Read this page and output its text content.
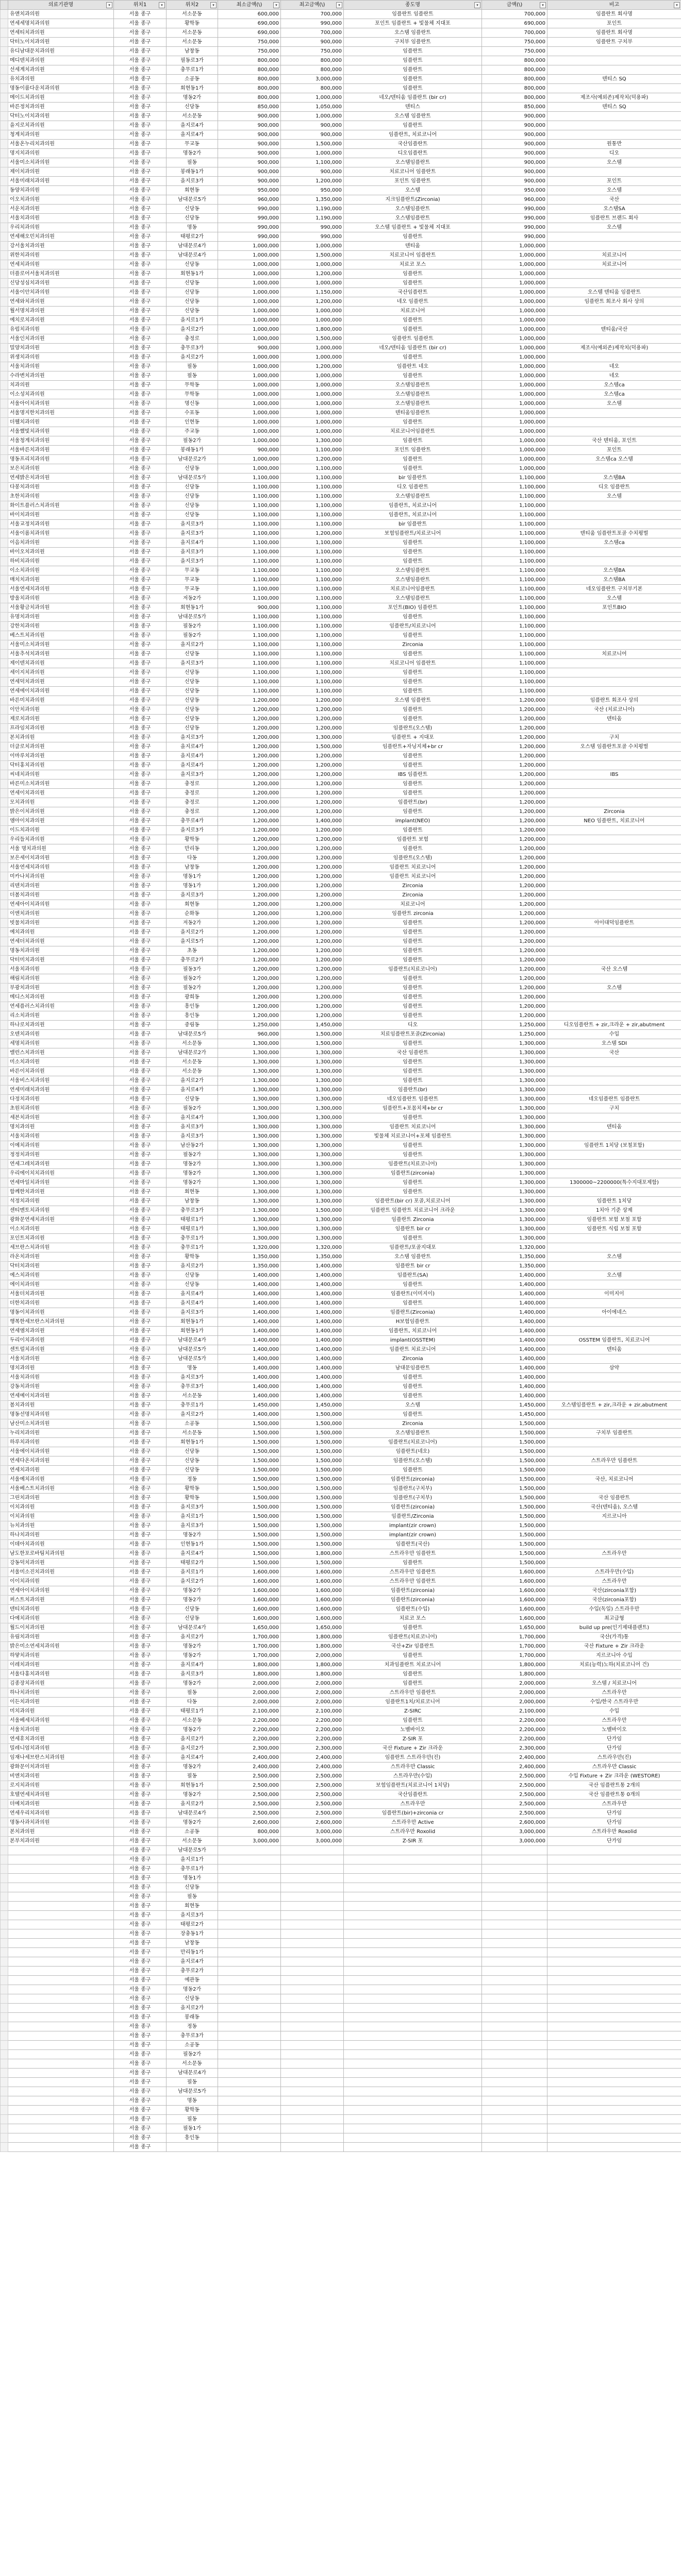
	의료기관명 ▾	위치1 ▾	위치2 ▾	최소금액(\) ▾	최고금액(\) ▾	종도명 ▾	금액(\) ▾	비고 ▾

	유앤치과의원	서울 종구	서소문동	600,000	700,000	임플란트 임플란트	700,000	임플란트 회사명
	연세세명치과의원	서울 종구	황학동	690,000	990,000	포인트 임플란트 + 빛물체 지대포	690,000	포인트
	연세티치과의원	서울 종구	서소문동	690,000	700,000	오스템 임플란트	700,000	임플란트 회사명
	닥터노이치과의원	서울 종구	서소문동	750,000	900,000	구치부 임플란트	750,000	임플란트 구치부
	유디남대문치과의원	서울 종구	남창동	750,000	750,000	임플란트	750,000	
	메디덴치과의원	서울 종구	필동로3가	800,000	800,000	임플란트	800,000	
	선세계치과의원	서울 종구	충무로1가	800,000	800,000	임플란트	800,000	
	유치과의원	서울 종구	소공동	800,000	3,000,000	임플란트	800,000	덴티스 SQ
	명동이룸다운치과의원	서울 종구	회현동1가	800,000	800,000	임플란트	800,000	
	메이드치과의원	서울 종구	명동2가	800,000	1,000,000	네오/덴티움 임플란트 (bir cr)	800,000	제조사(예외존)제작치(덕용파)
	바른정치과의원	서울 종구	신당동	850,000	1,050,000	덴티스	850,000	덴티스 SQ
	닥터노이치과의원	서울 종구	서소문동	900,000	1,000,000	오스템 임플란트	900,000	
	을지로치과의원	서울 종구	을지로4가	900,000	900,000	임플란트	900,000	
	청계치과의원	서울 종구	을지로4가	900,000	900,000	임플란트, 치료코니어	900,000	
	서울온누리치과의원	서울 종구	무교동	900,000	1,500,000	국산임플란트	900,000	원통반
	명지치과의원	서울 종구	명동2가	900,000	1,000,000	디오임플란트	900,000	디오
	서울미소치과의원	서울 종구	필동	900,000	1,100,000	오스템임플란트	900,000	오스템
	제이치과의원	서울 종구	봉래동1가	900,000	900,000	치료코니어 임플란트	900,000	
	서울미래치과의원	서울 종구	을지로3가	900,000	1,200,000	포인트 임플란트	900,000	포인트
	동양치과의원	서울 종구	회현동	950,000	950,000	오스템	950,000	오스템
	이오치과의원	서울 종구	남대문로5가	960,000	1,350,000	지크임플란트(Zirconia)	960,000	국산
	서운치과의원	서울 종구	신당동	990,000	1,190,000	오스템임플란트	990,000	오스템SA
	서울치과의원	서울 종구	신당동	990,000	1,190,000	오스템임플란트	990,000	임플란트 브랜드 회사
	우리치과의원	서울 종구	명동	990,000	990,000	오스템 임플란트 + 빛물체 지대포	990,000	오스템
	연세해오민치과의원	서울 종구	태평로2가	990,000	990,000	임플란트	990,000	
	강서울치과의원	서울 종구	남대문로4가	1,000,000	1,000,000	덴티움	1,000,000	
	위한치과의원	서울 종구	남대문로4가	1,000,000	1,500,000	치료코니어 임플란트	1,000,000	치료코니어
	연세치과의원	서울 종구	신당동	1,000,000	1,000,000	치료코 포스	1,000,000	치료코니어
	더플로어서울치과의원	서울 종구	회현동1가	1,000,000	1,200,000	임플란트	1,000,000	
	신당성심치과의원	서울 종구	신당동	1,000,000	1,000,000	임플란트	1,000,000	
	서울이안치과의원	서울 종구	신당동	1,000,000	1,150,000	국산임플란트	1,000,000	오스템 덴티움 임플란트
	연세와치과의원	서울 종구	신당동	1,000,000	1,200,000	네오 임플란트	1,000,000	임플란트 회조사 회사 상의
	월서명치과의원	서울 종구	신당동	1,000,000	1,000,000	치료코니어	1,000,000	
	예치로치과의원	서울 종구	을지로1가	1,000,000	1,000,000	임플란트	1,000,000	
	유럽치과의원	서울 종구	을지로2가	1,000,000	1,800,000	임플란트	1,000,000	덴티움/국산
	서울인치과의원	서울 종구	충정로	1,000,000	1,500,000	임플란트 임플란트	1,000,000	
	밀양치과의원	서울 종구	충무로3가	900,000	1,000,000	네오/덴티움 임플란트 (bir cr)	1,000,000	제조사(예외존)제작치(덕용파)
	위생치과의원	서울 종구	을지로2가	1,000,000	1,000,000	임플란트	1,000,000	
	서울치과의원	서울 종구	필동	1,000,000	1,200,000	임플란트 네오	1,000,000	네오
	수라변치과의원	서울 종구	필동	1,000,000	1,000,000	임플란트	1,000,000	네오
	치과의원	서울 종구	무학동	1,000,000	1,000,000	오스템임플란트	1,000,000	오스템ca
	이소성치과의원	서울 종구	무학동	1,000,000	1,000,000	오스템임플란트	1,000,000	오스템ca
	서울아이치과의원	서울 종구	명신동	1,000,000	1,000,000	오스템임플란트	1,000,000	오스템
	서울명지한치과의원	서울 종구	수표동	1,000,000	1,000,000	덴티움임플란트	1,000,000	
	더웰치과의원	서울 종구	인현동	1,000,000	1,000,000	임플란트	1,000,000	
	서울했빛치과의원	서울 종구	주교동	1,000,000	1,000,000	치료코니어임플란트	1,000,000	
	서울청계치과의원	서울 종구	필동2가	1,000,000	1,300,000	임플란트	1,000,000	국산 덴티움, 포인트
	서울바른치과의원	서울 종구	봉래동1가	900,000	1,100,000	포인트 임플란트	1,000,000	포인트
	명동프리치과의원	서울 종구	남대문로2가	1,000,000	1,200,000	임플란트	1,000,000	오스템ca 오스템
	보은치과의원	서울 종구	신당동	1,000,000	1,100,000	임플란트	1,000,000	
	연세밝은치과의원	서울 종구	남대문로5가	1,100,000	1,100,000	bir 임플란트	1,100,000	오스템BA
	다봉치과의원	서울 종구	신당동	1,100,000	1,100,000	디오 임플란트	1,100,000	디오 임플란트
	초한치과의원	서울 종구	신당동	1,100,000	1,100,000	오스템임플란트	1,100,000	오스템
	화이트플러스치과의원	서울 종구	신당동	1,100,000	1,100,000	임플란트, 치료코니어	1,100,000	
	바이치과의원	서울 종구	신당동	1,100,000	1,100,000	임플란트, 치료코니어	1,100,000	
	서울교정치과의원	서울 종구	을지로3가	1,100,000	1,100,000	bir 임플란트	1,100,000	
	서울이롬치과의원	서울 종구	을지로3가	1,100,000	1,200,000	보험임플란트/치료코니어	1,100,000	덴티움 임플란트포골 수치평벌
	이음치과의원	서울 종구	을지로4가	1,100,000	1,100,000	임플란트	1,100,000	오스템ca
	바이오치과의원	서울 종구	을지로3가	1,100,000	1,100,000	임플란트	1,100,000	
	하비치과의원	서울 종구	을지로3가	1,100,000	1,100,000	임플란트	1,100,000	
	이소치과의원	서울 종구	무교동	1,100,000	1,100,000	오스템임플란트	1,100,000	오스템BA
	매치치과의원	서울 종구	무교동	1,100,000	1,100,000	오스템임플란트	1,100,000	오스템BA
	서울연세치과의원	서울 종구	무교동	1,100,000	1,100,000	치료코니어임플란트	1,100,000	네오임플란트 구치부기본
	방울치과의원	서울 종구	저동2가	1,100,000	1,100,000	오스템임플란트	1,100,000	오스템
	서울황금치과의원	서울 종구	회현동1가	900,000	1,100,000	포인트(BIO) 임플란트	1,100,000	포인트BIO
	유명치과의원	서울 종구	남대문로5가	1,100,000	1,100,000	임플란트	1,100,000	
	강한치과의원	서울 종구	필동2가	1,100,000	1,100,000	임플란트/치료코니어	1,100,000	
	베스트치과의원	서울 종구	필동2가	1,100,000	1,100,000	임플란트	1,100,000	
	서울미소치과의원	서울 종구	을지로2가	1,100,000	1,100,000	Zirconia	1,100,000	
	서울추석치과의원	서울 종구	신당동	1,100,000	1,100,000	임플란트	1,100,000	치료코니어
	제이덴치과의원	서울 종구	을지로3가	1,100,000	1,100,000	치료코니어 임플란트	1,100,000	
	세이지치과의원	서울 종구	신당동	1,100,000	1,100,000	임플란트	1,100,000	
	연세덕치과의원	서울 종구	신당동	1,100,000	1,100,000	임플란트	1,100,000	
	연세에이치과의원	서울 종구	신당동	1,100,000	1,100,000	임플란트	1,100,000	
	바른미치과의원	서울 종구	신당동	1,200,000	1,200,000	오스템 임플란트	1,200,000	임플란트 회조사 상의
	이안치과의원	서울 종구	신당동	1,200,000	1,200,000	임플란트	1,200,000	국산 (치료코니어)
	제로치과의원	서울 종구	신당동	1,200,000	1,200,000	임플란트	1,200,000	덴티움
	프라임치과의원	서울 종구	신당동	1,200,000	1,200,000	임플란트(오스템)	1,200,000	
	본치과의원	서울 종구	을지로3가	1,200,000	1,300,000	임플란트 + 지대포	1,200,000	구치
	더클로치과의원	서울 종구	을지로4가	1,200,000	1,500,000	임플란트+자닝지체+br cr	1,200,000	오스템 임플란트포골 수치평벌
	이마루치과의원	서울 종구	을지로4가	1,200,000	1,200,000	임플란트	1,200,000	
	닥터홍치과의원	서울 종구	을지로4가	1,200,000	1,200,000	임플란트	1,200,000	
	씨네치과의원	서울 종구	을지로3가	1,200,000	1,200,000	IBS 임플란트	1,200,000	IBS
	바른미소치과의원	서울 종구	충정로	1,200,000	1,200,000	임플란트	1,200,000	
	연세이치과의원	서울 종구	충정로	1,200,000	1,200,000	임플란트	1,200,000	
	모치과의원	서울 종구	충정로	1,200,000	1,200,000	임플란트(br)	1,200,000	
	밝은이치과의원	서울 종구	충정로	1,200,000	1,200,000	임플란트	1,200,000	Zirconia
	엠아이치과의원	서울 종구	충무로4가	1,200,000	1,400,000	implant(NEO)	1,200,000	NEO 임플란트, 치료코니어
	이드치과의원	서울 종구	을지로3가	1,200,000	1,200,000	임플란트	1,200,000	
	우리들치과의원	서울 종구	황학동	1,200,000	1,200,000	임플란트 보험	1,200,000	
	서울 명치과의원	서울 종구	만리동	1,200,000	1,200,000	임플란트	1,200,000	
	보은세이치과의원	서울 종구	다동	1,200,000	1,200,000	임플란트(오스템)	1,200,000	
	서울연세치과의원	서울 종구	남창동	1,200,000	1,200,000	임플란트 치료코니어	1,200,000	
	미카나치과의원	서울 종구	명동1가	1,200,000	1,200,000	임플란트 치료코니어	1,200,000	
	리덴치과의원	서울 종구	명동1가	1,200,000	1,200,000	Zirconia	1,200,000	
	더봄치과의원	서울 종구	을지로3가	1,200,000	1,200,000	Zirconia	1,200,000	
	연세아이치과의원	서울 종구	회현동	1,200,000	1,200,000	치료코니어	1,200,000	
	이엔치과의원	서울 종구	순화동	1,200,000	1,200,000	임플란트 zirconia	1,200,000	
	빗물치과의원	서울 종구	저동2가	1,200,000	1,200,000	임플란트	1,200,000	아이대덕임플란트
	예치과의원	서울 종구	을지로2가	1,200,000	1,200,000	임플란트	1,200,000	
	연세더치과의원	서울 종구	을지로5가	1,200,000	1,200,000	임플란트	1,200,000	
	명동치과의원	서울 종구	초동	1,200,000	1,200,000	임플란트	1,200,000	
	닥터미치과의원	서울 종구	충무로2가	1,200,000	1,200,000	임플란트	1,200,000	
	서울치과의원	서울 종구	필동3가	1,200,000	1,200,000	임플란트(치료코니어)	1,200,000	국산 오스템
	해림치과의원	서울 종구	필동2가	1,200,000	1,200,000	임플란트	1,200,000	
	부광치과의원	서울 종구	필동2가	1,200,000	1,200,000	임플란트	1,200,000	오스템
	메디스치과의원	서울 종구	광희동	1,200,000	1,200,000	임플란트	1,200,000	
	연세플러스치과의원	서울 종구	흥인동	1,200,000	1,200,000	임플란트	1,200,000	
	리소치과의원	서울 종구	흥인동	1,200,000	1,200,000	임플란트	1,200,000	
	하나로치과의원	서울 종구	중림동	1,250,000	1,450,000	디오	1,250,000	디오임플란트 + zir,크라운 + zir,abutment
	오덴치과의원	서울 종구	남대문로5가	960,000	1,500,000	치료임플란트포골(Zirconia)	1,250,000	수입
	세명치과의원	서울 종구	서소문동	1,300,000	1,500,000	임플란트	1,300,000	오스템 SDI
	밸런스치과의원	서울 종구	남대문로2가	1,300,000	1,300,000	국산 임플란트	1,300,000	국산
	미소치과의원	서울 종구	서소문동	1,300,000	1,300,000	임플란트	1,300,000	
	바른이치과의원	서울 종구	서소문동	1,300,000	1,300,000	임플란트	1,300,000	
	서울비스치과의원	서울 종구	을지로2가	1,300,000	1,300,000	임플란트	1,300,000	
	연세미래치과의원	서울 종구	을지로4가	1,300,000	1,300,000	임플란트(br)	1,300,000	
	다정치과의원	서울 종구	신당동	1,300,000	1,300,000	네오임플란트 임플란트	1,300,000	네오임플란트 임플란트
	초원치과의원	서울 종구	필동2가	1,300,000	1,300,000	임플란트+포몸치체+br cr	1,300,000	구치
	세븐치과의원	서울 종구	을지로4가	1,300,000	1,300,000	임플란트	1,300,000	
	명치과의원	서울 종구	을지로3가	1,300,000	1,300,000	임플란트 치료코니어	1,300,000	덴티움
	서울치과의원	서울 종구	을지로3가	1,300,000	1,300,000	빛물체 치료코니어+포체 임플란트	1,300,000	
	이예치과의원	서울 종구	남산동2가	1,300,000	1,300,000	임플란트	1,300,000	임플란트 1치당 (보철포함)
	정정치과의원	서울 종구	필동2가	1,300,000	1,300,000	임플란트	1,300,000	
	연세그레치과의원	서울 종구	명동2가	1,300,000	1,300,000	임플란트(치료코니어)	1,300,000	
	우리에이치치과의원	서울 종구	명동2가	1,300,000	1,300,000	임플란트(zirconia)	1,300,000	
	연세마일치과의원	서울 종구	명동2가	1,300,000	1,300,000	임플란트	1,300,000	1300000~2200000(특수지대포제함)
	함께한치과의원	서울 종구	회현동	1,300,000	1,300,000	임플란트	1,300,000	
	석정치과의원	서울 종구	남창동	1,300,000	1,300,000	임플란트(bir cr) 포골,치료코니어	1,300,000	임플란트 1치당
	센티멘토치과의원	서울 종구	충무로3가	1,300,000	1,500,000	임플란트 임플란트 치료코니어 크라운	1,300,000	1치아 기준 상제
	광화문연세치과의원	서울 종구	태평로1가	1,300,000	1,300,000	임플란트 Zirconia	1,300,000	임플란트 보험 보철 포함
	이소치과의원	서울 종구	태평로1가	1,300,000	1,300,000	임플란트 bir cr	1,300,000	임플란트 식립 보철 포함
	포인트치과의원	서울 종구	충무로1가	1,300,000	1,300,000	임플란트	1,300,000	
	세브란스치과의원	서울 종구	충무로1가	1,320,000	1,320,000	임플란트/포골지대포	1,320,000	
	라온치과의원	서울 종구	황학동	1,350,000	1,350,000	오스템 임플란트	1,350,000	오스템
	닥터치과의원	서울 종구	을지로2가	1,350,000	1,400,000	임플란트 bir cr	1,350,000	
	예스치과의원	서울 종구	신당동	1,400,000	1,400,000	임플란트(SA)	1,400,000	오스템
	에이치과의원	서울 종구	신당동	1,400,000	1,400,000	임플란트	1,400,000	
	서울더치과의원	서울 종구	을지로4가	1,400,000	1,400,000	임플란트(이미지이)	1,400,000	이미지이
	더한치과의원	서울 종구	을지로4가	1,400,000	1,400,000	임플란트	1,400,000	
	명동이치과의원	서울 종구	을지로3가	1,400,000	1,400,000	임플란트(Zirconia)	1,400,000	아이에네스
	행복한세브란스치과의원	서울 종구	회현동1가	1,400,000	1,400,000	H보험임플란트	1,400,000	
	연세엠치과의원	서울 종구	회현동1가	1,400,000	1,400,000	임플란트, 치료코니어	1,400,000	
	두리이치과의원	서울 종구	남대문로4가	1,400,000	1,400,000	implant(OSSTEM)	1,400,000	OSSTEM 임플란트, 치료코니어
	센트럴치과의원	서울 종구	남대문로5가	1,400,000	1,400,000	임플란트 치료코니어	1,400,000	덴티움
	서울치과의원	서울 종구	남대문로5가	1,400,000	1,400,000	Zirconia	1,400,000	
	명치과의원	서울 종구	명동	1,400,000	1,400,000	남대문임플란트	1,400,000	삼약
	서울치과의원	서울 종구	을지로3가	1,400,000	1,400,000	임플란트	1,400,000	
	강동치과의원	서울 종구	충무로3가	1,400,000	1,400,000	임플란트	1,400,000	
	연세예이치과의원	서울 종구	서소문동	1,400,000	1,400,000	임플란트	1,400,000	
	봄치과의원	서울 종구	충무로1가	1,450,000	1,450,000	오스템	1,450,000	오스템임플란트 + zir,크라운 + zir,abutment
	명동선명치과의원	서울 종구	을지로2가	1,400,000	1,500,000	임플란트	1,450,000	
	남산미소치과의원	서울 종구	소공동	1,500,000	1,500,000	Zirconia	1,500,000	
	누리치과의원	서울 종구	서소문동	1,500,000	1,500,000	오스템임플란트	1,500,000	구치부 임플란트
	하루치과의원	서울 종구	회현동1가	1,500,000	1,500,000	임플란트(치료코니어)	1,500,000	
	서울에이치과의원	서울 종구	신당동	1,500,000	1,500,000	임플란트(네오)	1,500,000	
	연세다온치과의원	서울 종구	신당동	1,500,000	1,500,000	임플란트(오스템)	1,500,000	스트라우만 임플란트
	연세치과의원	서울 종구	신당동	1,500,000	1,500,000	임플란트	1,500,000	
	서울예치과의원	서울 종구	정동	1,500,000	1,500,000	임플란트(zirconia)	1,500,000	국산, 치료코니어
	서울베스트치과의원	서울 종구	황학동	1,500,000	1,500,000	임플란트(구치부)	1,500,000	
	그린치과의원	서울 종구	황학동	1,500,000	1,500,000	임플란트(구치부)	1,500,000	국산 임플란트
	이치과의원	서울 종구	을지로3가	1,500,000	1,500,000	임플란트(zirconia)	1,500,000	국산(덴티움), 오스템
	이치과의원	서울 종구	을지로1가	1,500,000	1,500,000	임플란트/Zirconia	1,500,000	지르코니아
	뉴치과의원	서울 종구	을지로3가	1,500,000	1,500,000	implant(zir crown)	1,500,000	
	하나치과의원	서울 종구	명동2가	1,500,000	1,500,000	implant(zir crown)	1,500,000	
	이데아치과의원	서울 종구	인현동1가	1,500,000	1,500,000	임플란트(국산)	1,500,000	
	남도한포로바팀치과의원	서울 종구	을지로4가	1,500,000	1,800,000	스트라우만 임플란트	1,500,000	스트라우만
	강동덕치과의원	서울 종구	태평로2가	1,500,000	1,500,000	임플란트	1,500,000	
	서울미소진치과의원	서울 종구	을지로1가	1,600,000	1,600,000	스트라우만 임플란트	1,600,000	스트라우만(수입)
	이이치과의원	서울 종구	을지로2가	1,600,000	1,600,000	스트라우만 임플란트	1,600,000	스트라우만
	연세아이치과의원	서울 종구	명동2가	1,600,000	1,600,000	임플란트(zirconia)	1,600,000	국산(zirconia포함)
	퍼스트치과의원	서울 종구	명동2가	1,600,000	1,600,000	임플란트(zirconia)	1,600,000	국산(zirconia포함)
	덴티치과의원	서울 종구	신당동	1,600,000	1,600,000	임플란트(수입)	1,600,000	수입(독일) 스트라우만
	다예치과의원	서울 종구	신당동	1,600,000	1,600,000	치료코 포스	1,600,000	최고급형
	월드이치과의원	서울 종구	남대문로4가	1,650,000	1,650,000	임플란트	1,650,000	build up pre(인기제대플랜트)
	유림치과의원	서울 종구	을지로2가	1,700,000	1,800,000	임플란트(치료코니어)	1,700,000	국산(가격)통
	밝은미소연세치과의원	서울 종구	명동2가	1,700,000	1,800,000	국산+Zir 임플란트	1,700,000	국산 Fixture + Zir 크라운
	하얗치과의원	서울 종구	명동2가	1,700,000	2,000,000	임플란트	1,700,000	지르코니아 수입
	이레치과의원	서울 종구	을지로4가	1,800,000	1,800,000	치과임플란트 치료코니어	1,800,000	치료(능력)노하(치료코니어 건)
	서울다홍치과의원	서울 종구	을지로3가	1,800,000	1,800,000	임플란트	1,800,000	
	김종장치과의원	서울 종구	명동2가	2,000,000	2,000,000	임플란트	2,000,000	오스템 / 치료코니어
	하나치과의원	서울 종구	필동	2,000,000	2,000,000	스트라우만 임플란트	2,000,000	스트라우만
	이든치과의원	서울 종구	다동	2,000,000	2,000,000	임플란트1치/치료코니어	2,000,000	수입/한국 스트라우만
	미치과의원	서울 종구	태평로1가	2,100,000	2,100,000	Z-SIRC	2,100,000	수입
	서울베세치과의원	서울 종구	서소문동	2,200,000	2,200,000	임플란트	2,200,000	스트라우만
	서울치과의원	서울 종구	명동2가	2,200,000	2,200,000	노벨바이오	2,200,000	노벨바이오
	연세휴치과의원	서울 종구	을지로2가	2,200,000	2,200,000	Z-SIR 포	2,200,000	단가임
	밀레니엄치과의원	서울 종구	을지로2가	2,300,000	2,300,000	국산 Fixture + Zir 크라운	2,300,000	단가임
	임재나세브란스치과의원	서울 종구	을지로4가	2,400,000	2,400,000	임플란트 스트라우만(진)	2,400,000	스트라우만(진)
	광화문이치과의원	서울 종구	명동2가	2,400,000	2,400,000	스트라우만 Classic	2,400,000	스트라우만 Classic
	비엔치과의원	서울 종구	필동	2,500,000	2,500,000	스트라우만(수입)	2,500,000	수입 Fixture + Zir 크라운 (WESTORE)
	로지치과의원	서울 종구	회현동1가	2,500,000	2,500,000	보험임플란트(치료코니어 1치당)	2,500,000	국산 임플란트통 2개의
	호텔연세치과의원	서울 종구	명동2가	2,500,000	2,500,000	국산임플란트	2,500,000	국산 임플란트통 0개의
	더예치과의원	서울 종구	을지로2가	2,500,000	2,500,000	스트라우만	2,500,000	스트라우만
	연세우리치과의원	서울 종구	남대문로4가	2,500,000	2,500,000	임플란트(bir)+zirconia cr	2,500,000	단가임
	명동사과치과의원	서울 종구	명동2가	2,600,000	2,600,000	스트라우만 Active	2,600,000	단가임
	본치과의원	서울 종구	소공동	800,000	3,000,000	스트라우만 Roxolid	3,000,000	스트라우만 Roxolid
	본부치과의원	서울 종구	서소문동	3,000,000	3,000,000	Z-SIR 포	3,000,000	단가임
		서울 종구	남대문로5가					
		서울 종구	을지로1가					
		서울 종구	충무로1가					
		서울 종구	명동1가					
		서울 종구	신당동					
		서울 종구	필동					
		서울 종구	회현동					
		서울 종구	을지로3가					
		서울 종구	태평로2가					
		서울 종구	장충동1가					
		서울 종구	남창동					
		서울 종구	만리동1가					
		서울 종구	을지로4가					
		서울 종구	충무로2가					
		서울 종구	예관동					
		서울 종구	명동2가					
		서울 종구	신당동					
		서울 종구	을지로2가					
		서울 종구	봉래동					
		서울 종구	정동					
		서울 종구	충무로3가					
		서울 종구	소공동					
		서울 종구	필동2가					
		서울 종구	서소문동					
		서울 종구	남대문로4가					
		서울 종구	필동					
		서울 종구	남대문로5가					
		서울 종구	명동					
		서울 종구	황학동					
		서울 종구	필동					
		서울 종구	필동1가					
		서울 종구	흥인동					
		서울 종구						
